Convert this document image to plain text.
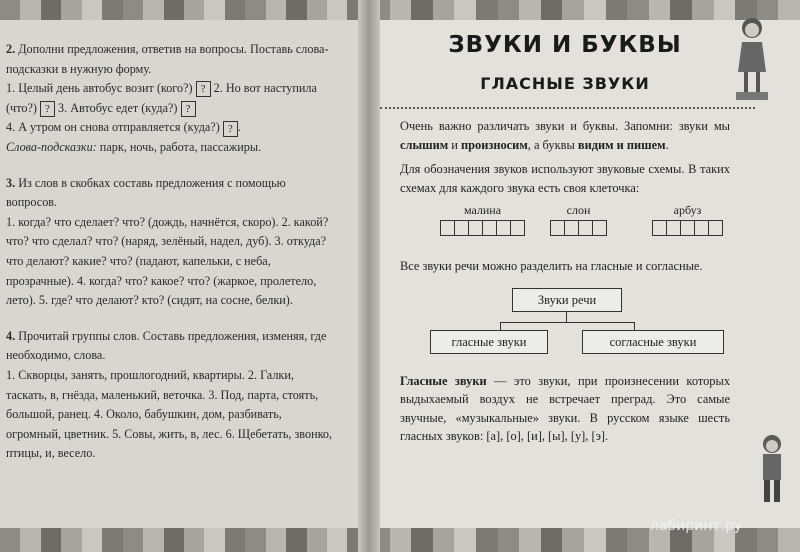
2. Дополни предложения, ответив на вопросы. Поставь слова-подсказки в нужную форму.

1. Целый день автобус возит (кого?) ? 2. Но вот наступила (что?) ? 3. Автобус едет (куда?) ?

4. А утром он снова отправляется (куда?) ? .

Слова-подсказки: парк, ночь, работа, пассажиры.

3. Из слов в скобках составь предложения с помощью вопросов.

1. когда? что сделает? что? (дождь, начнётся, скоро). 2. какой? что? что сделал? что? (наряд, зелёный, надел, дуб). 3. откуда? что делают? какие? что? (падают, капельки, с неба, прозрачные). 4. когда? что? какое? что? (жаркое, пролетело, лето). 5. где? что делают? кто? (сидят, на сосне, белки).

4. Прочитай группы слов. Составь предложения, изменяя, где необходимо, слова.

1. Скворцы, занять, прошлогодний, квартиры. 2. Галки, таскать, в, гнёзда, маленький, веточка. 3. Под, парта, стоять, большой, ранец. 4. Около, бабушкин, дом, разбивать, огромный, цветник. 5. Совы, жить, в, лес. 6. Щебетать, звонко, птицы, и, весело.

ЗВУКИ И БУКВЫ
ГЛАСНЫЕ ЗВУКИ

Очень важно различать звуки и буквы. Запомни: звуки мы слышим и произносим, а буквы видим и пишем.

Для обозначения звуков используют звуковые схемы. В таких схемах для каждого звука есть своя клеточка:

малина	слон	арбуз

Все звуки речи можно разделить на гласные и согласные.

Звуки речи
гласные звуки	согласные звуки

Гласные звуки — это звуки, при произнесении которых выдыхаемый воздух не встречает преград. Это самые звучные, «музыкальные» звуки. В русском языке шесть гласных звуков: [а], [о], [и], [ы], [у], [э].

лабиринт.ру
